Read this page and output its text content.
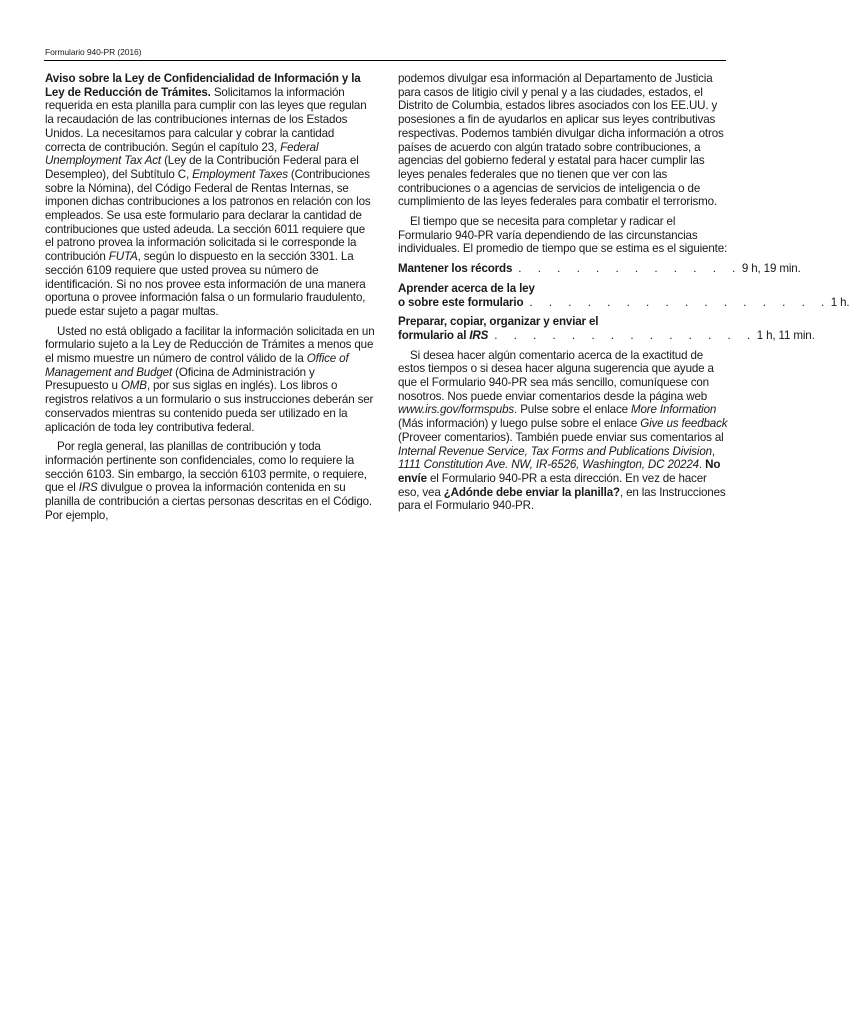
Formulario 940-PR (2016)

Aviso sobre la Ley de Confidencialidad de Información y la Ley de Reducción de Trámites. Solicitamos la información requerida en esta planilla para cumplir con las leyes que regulan la recaudación de las contribuciones internas de los Estados Unidos. La necesitamos para calcular y cobrar la cantidad correcta de contribución. Según el capítulo 23, Federal Unemployment Tax Act (Ley de la Contribución Federal para el Desempleo), del Subtítulo C, Employment Taxes (Contribuciones sobre la Nómina), del Código Federal de Rentas Internas, se imponen dichas contribuciones a los patronos en relación con los empleados. Se usa este formulario para declarar la cantidad de contribuciones que usted adeuda. La sección 6011 requiere que el patrono provea la información solicitada si le corresponde la contribución FUTA, según lo dispuesto en la sección 3301. La sección 6109 requiere que usted provea su número de identificación. Si no nos provee esta información de una manera oportuna o provee información falsa o un formulario fraudulento, puede estar sujeto a pagar multas.

Usted no está obligado a facilitar la información solicitada en un formulario sujeto a la Ley de Reducción de Trámites a menos que el mismo muestre un número de control válido de la Office of Management and Budget (Oficina de Administración y Presupuesto u OMB, por sus siglas en inglés). Los libros o registros relativos a un formulario o sus instrucciones deberán ser conservados mientras su contenido pueda ser utilizado en la aplicación de toda ley contributiva federal.

Por regla general, las planillas de contribución y toda información pertinente son confidenciales, como lo requiere la sección 6103. Sin embargo, la sección 6103 permite, o requiere, que el IRS divulgue o provea la información contenida en su planilla de contribución a ciertas personas descritas en el Código. Por ejemplo,

podemos divulgar esa información al Departamento de Justicia para casos de litigio civil y penal y a las ciudades, estados, el Distrito de Columbia, estados libres asociados con los EE.UU. y posesiones a fin de ayudarlos en aplicar sus leyes contributivas respectivas. Podemos también divulgar dicha información a otros países de acuerdo con algún tratado sobre contribuciones, a agencias del gobierno federal y estatal para hacer cumplir las leyes penales federales que no tienen que ver con las contribuciones o a agencias de servicios de inteligencia o de cumplimiento de las leyes federales para combatir el terrorismo.

El tiempo que se necesita para completar y radicar el Formulario 940-PR varía dependiendo de las circunstancias individuales. El promedio de tiempo que se estima es el siguiente:

Mantener los récords . . . . . . . . . . . . 9 h, 19 min.

Aprender acerca de la ley

o sobre este formulario . . . . . . . . . . . . . . . . 1 h.

Preparar, copiar, organizar y enviar el

formulario al IRS . . . . . . . . . . . . . . 1 h, 11 min.

Si desea hacer algún comentario acerca de la exactitud de estos tiempos o si desea hacer alguna sugerencia que ayude a que el Formulario 940-PR sea más sencillo, comuníquese con nosotros. Nos puede enviar comentarios desde la página web www.irs.gov/formspubs. Pulse sobre el enlace More Information (Más información) y luego pulse sobre el enlace Give us feedback (Proveer comentarios). También puede enviar sus comentarios al Internal Revenue Service, Tax Forms and Publications Division, 1111 Constitution Ave. NW, IR-6526, Washington, DC 20224. No envíe el Formulario 940-PR a esta dirección. En vez de hacer eso, vea ¿Adónde debe enviar la planilla?, en las Instrucciones para el Formulario 940-PR.
